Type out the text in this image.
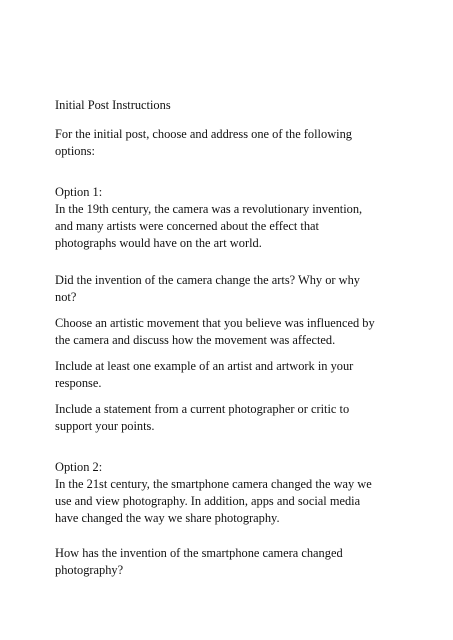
Initial Post Instructions

For the initial post, choose and address one of the following
options:

Option 1:

In the 19th century, the camera was a revolutionary invention,
and many artists were concerned about the effect that
photographs would have on the art world.

Did the invention of the camera change the arts? Why or why
not?

Choose an artistic movement that you believe was influenced by
the camera and discuss how the movement was affected.

Include at least one example of an artist and artwork in your
response.

Include a statement from a current photographer or critic to
support your points.

Option 2:

In the 21st century, the smartphone camera changed the way we
use and view photography. In addition, apps and social media
have changed the way we share photography.

How has the invention of the smartphone camera changed
photography?
